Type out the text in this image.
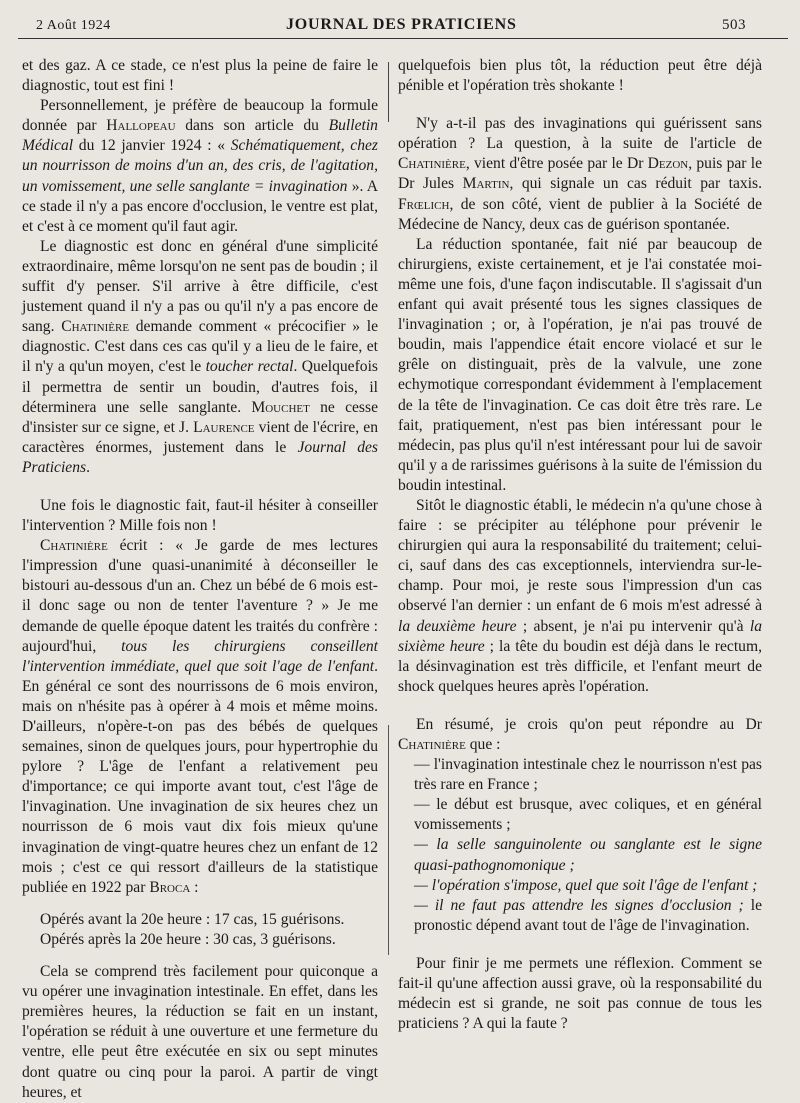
2 Août 1924	JOURNAL DES PRATICIENS	503

et des gaz. A ce stade, ce n'est plus la peine de faire le diagnostic, tout est fini !

Personnellement, je préfère de beaucoup la formule donnée par Hallopeau dans son article du Bulletin Médical du 12 janvier 1924 : « Schématiquement, chez un nourrisson de moins d'un an, des cris, de l'agitation, un vomissement, une selle sanglante = invagination ». A ce stade il n'y a pas encore d'occlusion, le ventre est plat, et c'est à ce moment qu'il faut agir.

Le diagnostic est donc en général d'une simplicité extraordinaire, même lorsqu'on ne sent pas de boudin ; il suffit d'y penser. S'il arrive à être difficile, c'est justement quand il n'y a pas ou qu'il n'y a pas encore de sang. Chatinière demande comment « précocifier » le diagnostic. C'est dans ces cas qu'il y a lieu de le faire, et il n'y a qu'un moyen, c'est le toucher rectal. Quelquefois il permettra de sentir un boudin, d'autres fois, il déterminera une selle sanglante. Mouchet ne cesse d'insister sur ce signe, et J. Laurence vient de l'écrire, en caractères énormes, justement dans le Journal des Praticiens.

Une fois le diagnostic fait, faut-il hésiter à conseiller l'intervention ? Mille fois non !

Chatinière écrit : « Je garde de mes lectures l'impression d'une quasi-unanimité à déconseiller le bistouri au-dessous d'un an. Chez un bébé de 6 mois est-il donc sage ou non de tenter l'aventure ? » Je me demande de quelle époque datent les traités du confrère : aujourd'hui, tous les chirurgiens conseillent l'intervention immédiate, quel que soit l'age de l'enfant. En général ce sont des nourrissons de 6 mois environ, mais on n'hésite pas à opérer à 4 mois et même moins. D'ailleurs, n'opère-t-on pas des bébés de quelques semaines, sinon de quelques jours, pour hypertrophie du pylore ? L'âge de l'enfant a relativement peu d'importance; ce qui importe avant tout, c'est l'âge de l'invagination. Une invagination de six heures chez un nourrisson de 6 mois vaut dix fois mieux qu'une invagination de vingt-quatre heures chez un enfant de 12 mois ; c'est ce qui ressort d'ailleurs de la statistique publiée en 1922 par Broca :

Opérés avant la 20e heure : 17 cas, 15 guérisons.

Opérés après la 20e heure : 30 cas, 3 guérisons.

Cela se comprend très facilement pour quiconque a vu opérer une invagination intestinale. En effet, dans les premières heures, la réduction se fait en un instant, l'opération se réduit à une ouverture et une fermeture du ventre, elle peut être exécutée en six ou sept minutes dont quatre ou cinq pour la paroi. A partir de vingt heures, et

quelquefois bien plus tôt, la réduction peut être déjà pénible et l'opération très shokante !

N'y a-t-il pas des invaginations qui guérissent sans opération ? La question, à la suite de l'article de Chatinière, vient d'être posée par le Dr Dezon, puis par le Dr Jules Martin, qui signale un cas réduit par taxis. Frœlich, de son côté, vient de publier à la Société de Médecine de Nancy, deux cas de guérison spontanée.

La réduction spontanée, fait nié par beaucoup de chirurgiens, existe certainement, et je l'ai constatée moi-même une fois, d'une façon indiscutable. Il s'agissait d'un enfant qui avait présenté tous les signes classiques de l'invagination ; or, à l'opération, je n'ai pas trouvé de boudin, mais l'appendice était encore violacé et sur le grêle on distinguait, près de la valvule, une zone echymotique correspondant évidemment à l'emplacement de la tête de l'invagination. Ce cas doit être très rare. Le fait, pratiquement, n'est pas bien intéressant pour le médecin, pas plus qu'il n'est intéressant pour lui de savoir qu'il y a de rarissimes guérisons à la suite de l'émission du boudin intestinal.

Sitôt le diagnostic établi, le médecin n'a qu'une chose à faire : se précipiter au téléphone pour prévenir le chirurgien qui aura la responsabilité du traitement; celui-ci, sauf dans des cas exceptionnels, interviendra sur-le-champ. Pour moi, je reste sous l'impression d'un cas observé l'an dernier : un enfant de 6 mois m'est adressé à la deuxième heure ; absent, je n'ai pu intervenir qu'à la sixième heure ; la tête du boudin est déjà dans le rectum, la désinvagination est très difficile, et l'enfant meurt de shock quelques heures après l'opération.

En résumé, je crois qu'on peut répondre au Dr Chatinière que :

— l'invagination intestinale chez le nourrisson n'est pas très rare en France ;

— le début est brusque, avec coliques, et en général vomissements ;

— la selle sanguinolente ou sanglante est le signe quasi-pathognomonique ;

— l'opération s'impose, quel que soit l'âge de l'enfant ;

— il ne faut pas attendre les signes d'occlusion ; le pronostic dépend avant tout de l'âge de l'invagination.

Pour finir je me permets une réflexion. Comment se fait-il qu'une affection aussi grave, où la responsabilité du médecin est si grande, ne soit pas connue de tous les praticiens ? A qui la faute ?
